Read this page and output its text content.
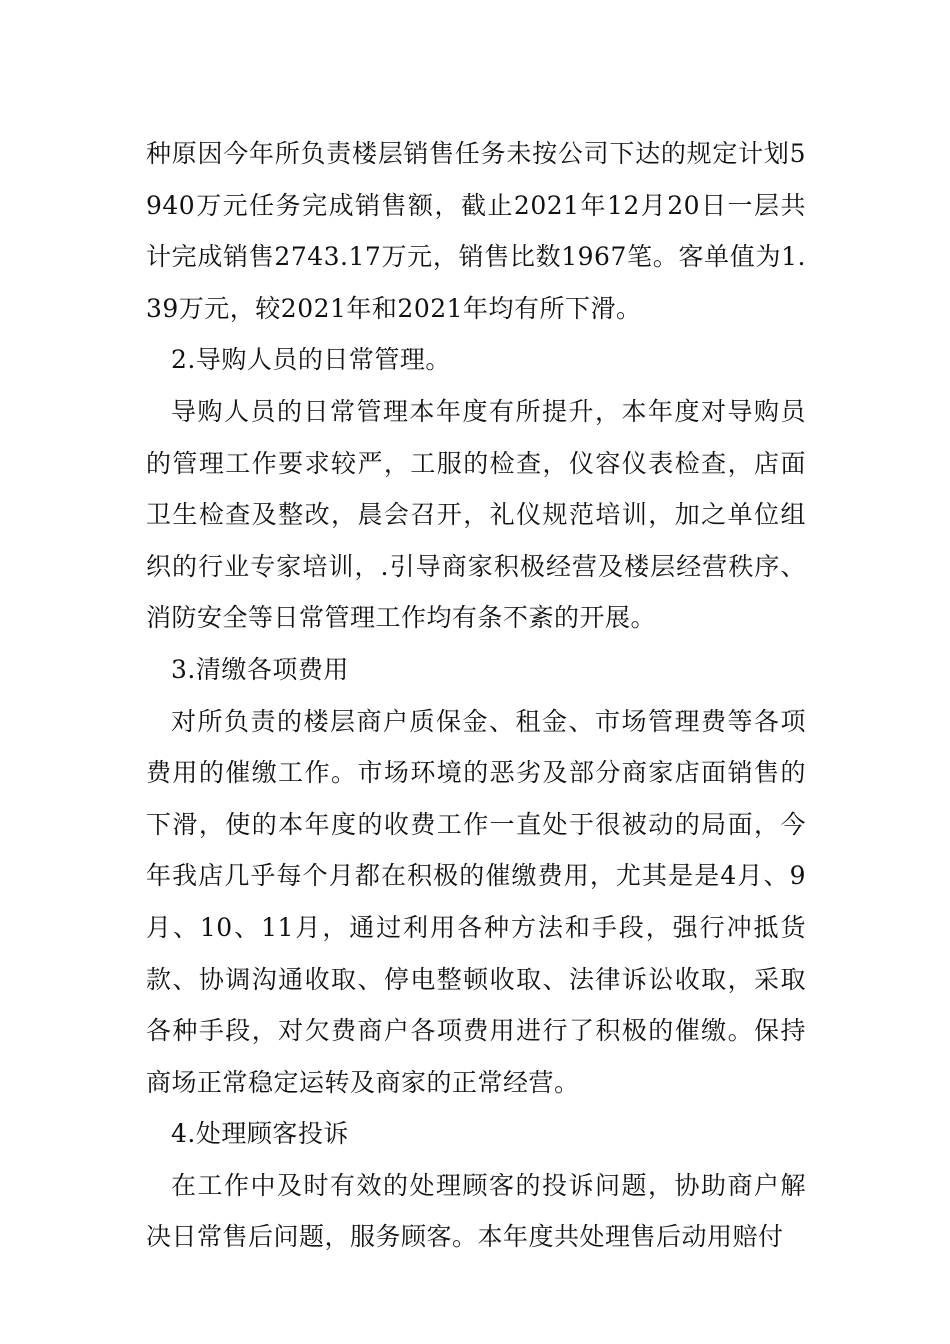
种原因今年所负责楼层销售任务未按公司下达的规定计划5940万元任务完成销售额，截止2021年12月20日一层共计完成销售2743.17万元，销售比数1967笔。客单值为1.39万元，较2021年和2021年均有所下滑。

2.导购人员的日常管理。

导购人员的日常管理本年度有所提升，本年度对导购员的管理工作要求较严，工服的检查，仪容仪表检查，店面卫生检查及整改，晨会召开，礼仪规范培训，加之单位组织的行业专家培训，.引导商家积极经营及楼层经营秩序、消防安全等日常管理工作均有条不紊的开展。

3.清缴各项费用

对所负责的楼层商户质保金、租金、市场管理费等各项费用的催缴工作。市场环境的恶劣及部分商家店面销售的下滑，使的本年度的收费工作一直处于很被动的局面，今年我店几乎每个月都在积极的催缴费用，尤其是是4月、9月、10、11月，通过利用各种方法和手段，强行冲抵货款、协调沟通收取、停电整顿收取、法律诉讼收取，采取各种手段，对欠费商户各项费用进行了积极的催缴。保持商场正常稳定运转及商家的正常经营。

4.处理顾客投诉

在工作中及时有效的处理顾客的投诉问题，协助商户解决日常售后问题，服务顾客。本年度共处理售后动用赔付
